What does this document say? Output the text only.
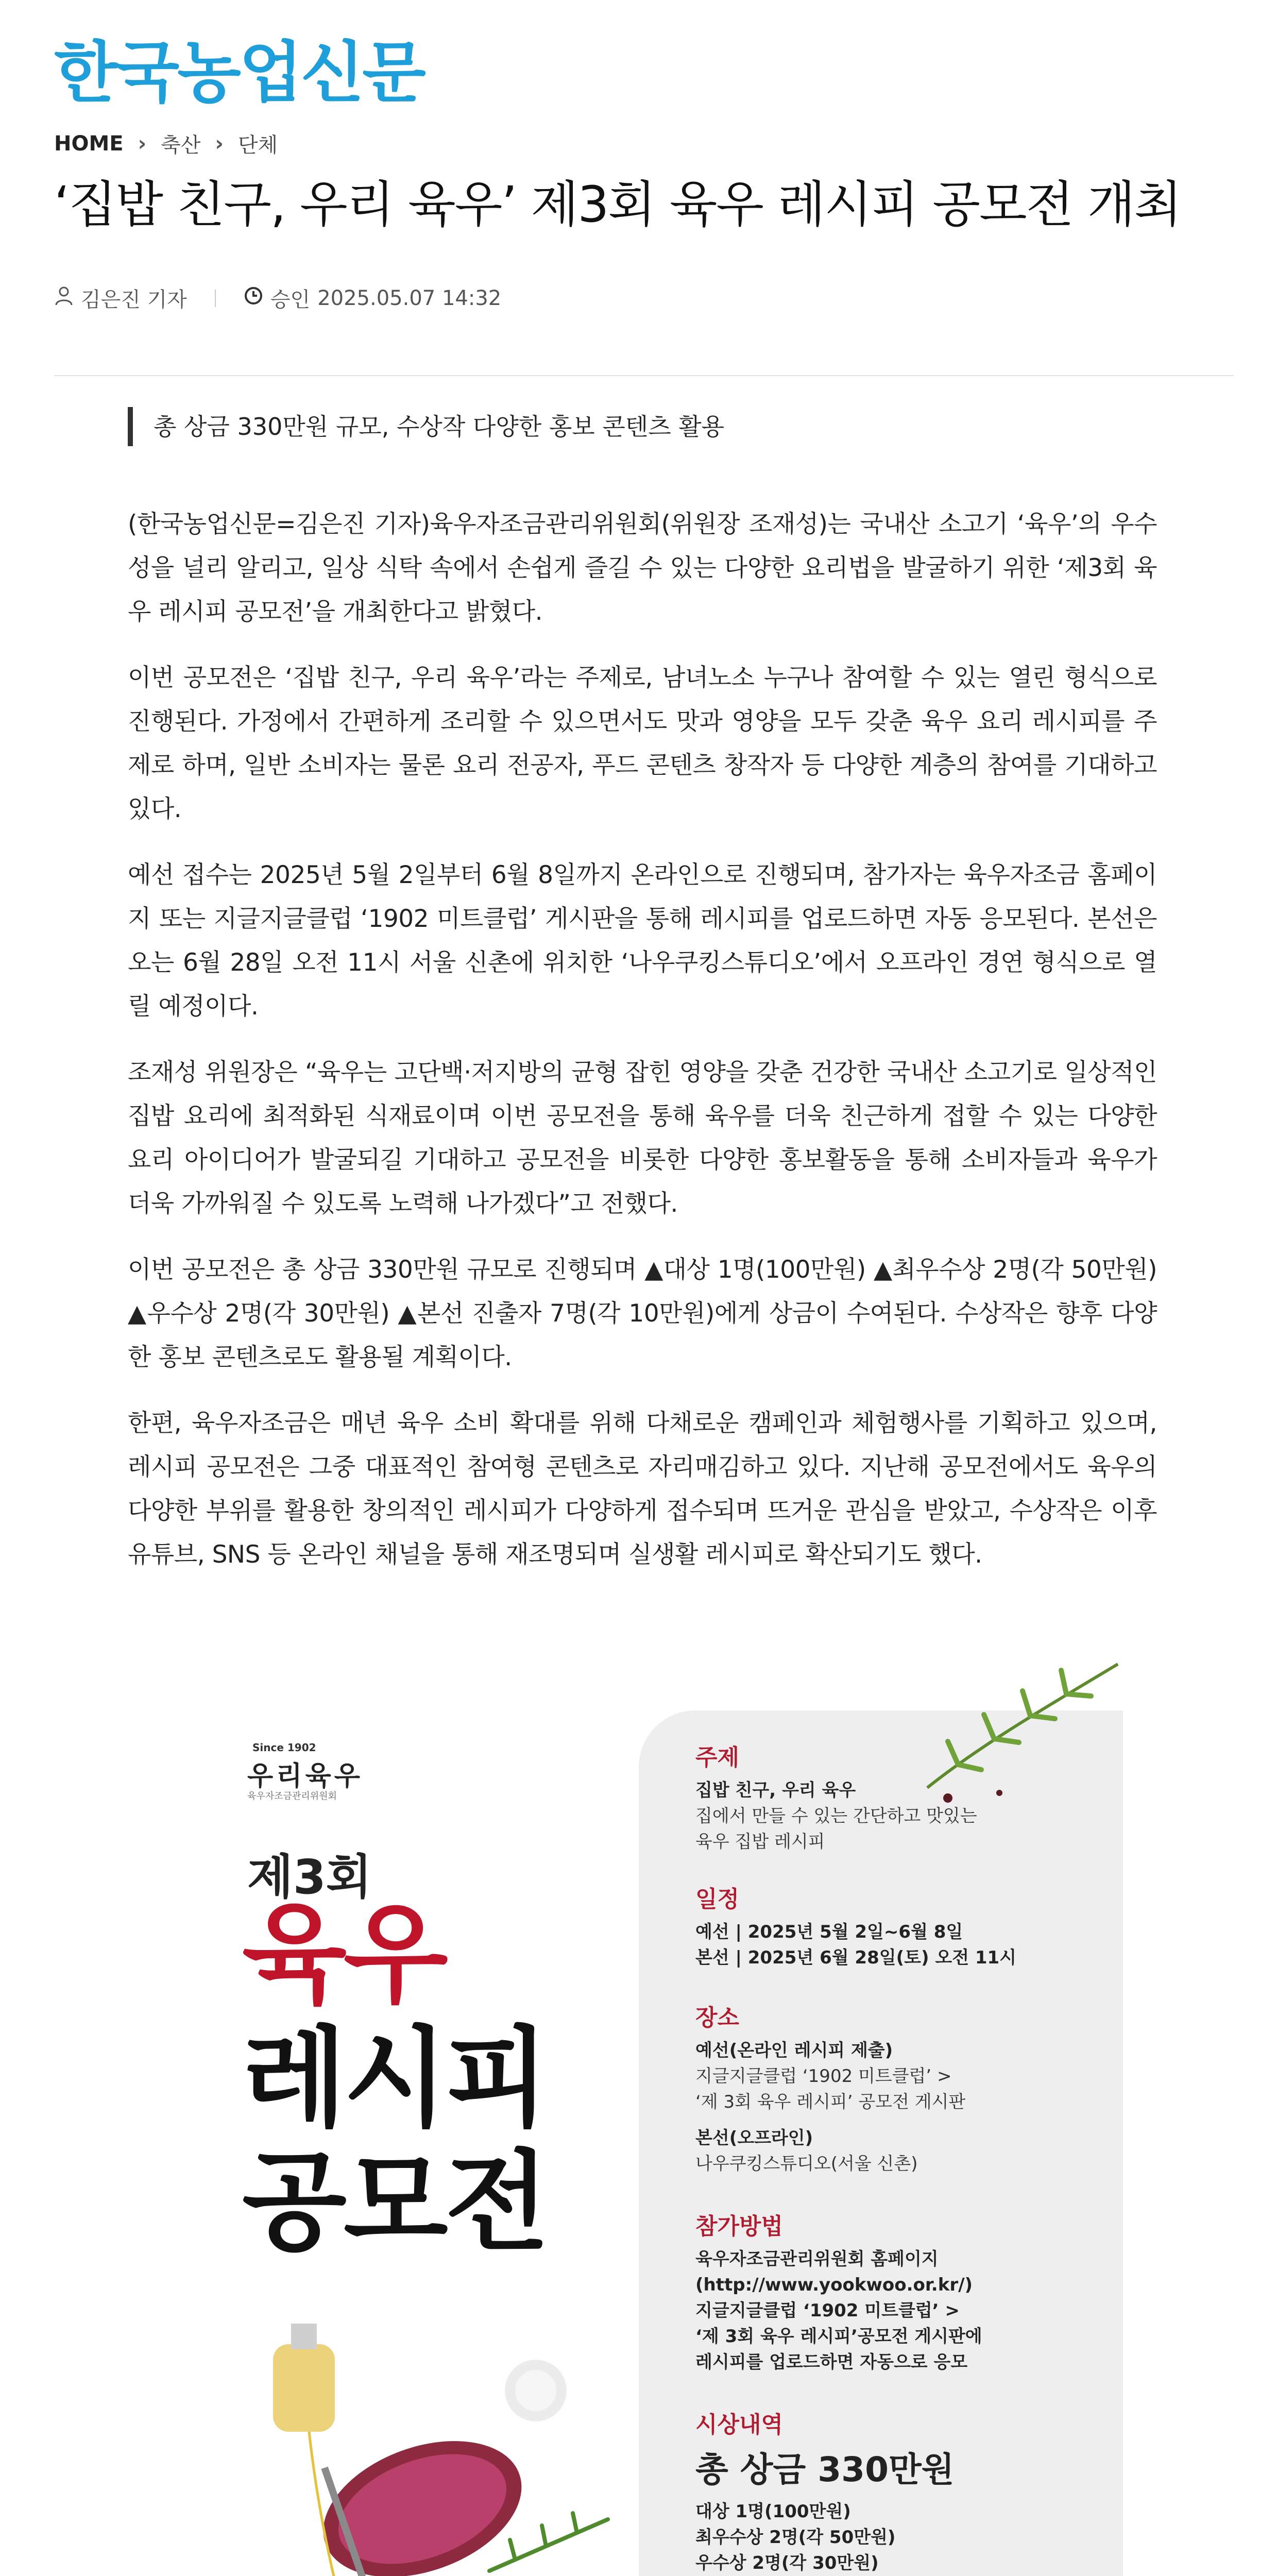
한국농업신문
HOME › 축산 › 단체
‘집밥 친구, 우리 육우’ 제3회 육우 레시피 공모전 개최
김은진 기자	승인 2025.05.07 14:32
총 상금 330만원 규모, 수상작 다양한 홍보 콘텐츠 활용

(한국농업신문=김은진 기자)육우자조금관리위원회(위원장 조재성)는 국내산 소고기 ‘육우’의 우수성을 널리 알리고, 일상 식탁 속에서 손쉽게 즐길 수 있는 다양한 요리법을 발굴하기 위한 ‘제3회 육우 레시피 공모전’을 개최한다고 밝혔다.

이번 공모전은 ‘집밥 친구, 우리 육우’라는 주제로, 남녀노소 누구나 참여할 수 있는 열린 형식으로 진행된다. 가정에서 간편하게 조리할 수 있으면서도 맛과 영양을 모두 갖춘 육우 요리 레시피를 주제로 하며, 일반 소비자는 물론 요리 전공자, 푸드 콘텐츠 창작자 등 다양한 계층의 참여를 기대하고 있다.

예선 접수는 2025년 5월 2일부터 6월 8일까지 온라인으로 진행되며, 참가자는 육우자조금 홈페이지 또는 지글지글클럽 ‘1902 미트클럽’ 게시판을 통해 레시피를 업로드하면 자동 응모된다. 본선은 오는 6월 28일 오전 11시 서울 신촌에 위치한 ‘나우쿠킹스튜디오’에서 오프라인 경연 형식으로 열릴 예정이다.

조재성 위원장은 “육우는 고단백·저지방의 균형 잡힌 영양을 갖춘 건강한 국내산 소고기로 일상적인 집밥 요리에 최적화된 식재료이며 이번 공모전을 통해 육우를 더욱 친근하게 접할 수 있는 다양한 요리 아이디어가 발굴되길 기대하고 공모전을 비롯한 다양한 홍보활동을 통해 소비자들과 육우가 더욱 가까워질 수 있도록 노력해 나가겠다”고 전했다.

이번 공모전은 총 상금 330만원 규모로 진행되며 ▲대상 1명(100만원) ▲최우수상 2명(각 50만원) ▲우수상 2명(각 30만원) ▲본선 진출자 7명(각 10만원)에게 상금이 수여된다. 수상작은 향후 다양한 홍보 콘텐츠로도 활용될 계획이다.

한편, 육우자조금은 매년 육우 소비 확대를 위해 다채로운 캠페인과 체험행사를 기획하고 있으며, 레시피 공모전은 그중 대표적인 참여형 콘텐츠로 자리매김하고 있다. 지난해 공모전에서도 육우의 다양한 부위를 활용한 창의적인 레시피가 다양하게 접수되며 뜨거운 관심을 받았고, 수상작은 이후 유튜브, SNS 등 온라인 채널을 통해 재조명되며 실생활 레시피로 확산되기도 했다.

Since 1902
우리육우
육우자조금관리위원회
제3회
육우
레시피
공모전
주제
집밥 친구, 우리 육우
집에서 만들 수 있는 간단하고 맛있는
육우 집밥 레시피
일정
예선 | 2025년 5월 2일~6월 8일
본선 | 2025년 6월 28일(토) 오전 11시
장소
예선(온라인 레시피 제출)
지글지글클럽 ‘1902 미트클럽’ >
‘제 3회 육우 레시피’ 공모전 게시판
본선(오프라인)
나우쿠킹스튜디오(서울 신촌)
참가방법
육우자조금관리위원회 홈페이지
(http://www.yookwoo.or.kr/)
지글지글클럽 ‘1902 미트클럽’ >
‘제 3회 육우 레시피’공모전 게시판에
레시피를 업로드하면 자동으로 응모
시상내역
총 상금 330만원
대상 1명(100만원)
최우수상 2명(각 50만원)
우수상 2명(각 30만원)
